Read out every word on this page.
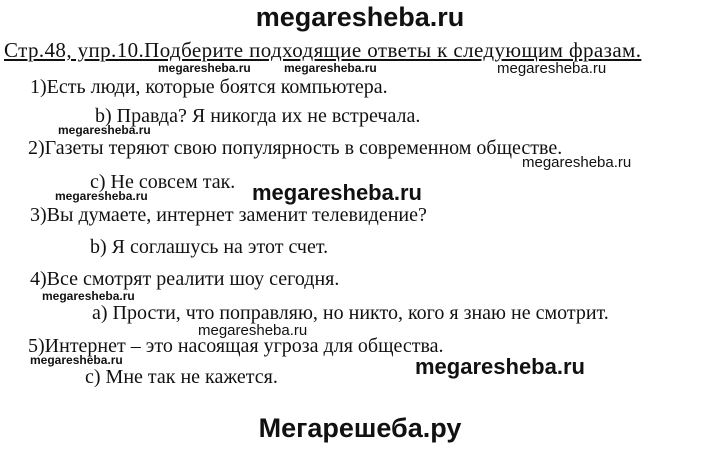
megaresheba.ru
Стр.48, упр.10.Подберите подходящие ответы к следующим фразам.
megaresheba.ru	megaresheba.ru	megaresheba.ru
1)Есть люди, которые боятся компьютера.
b) Правда? Я никогда их не встречала.
megaresheba.ru
2)Газеты теряют свою популярность в современном обществе.
megaresheba.ru
c) Не совсем так. megaresheba.ru
megaresheba.ru
3)Вы думаете, интернет заменит телевидение?
b) Я соглашусь на этот счет.
4)Все смотрят реалити шоу сегодня.
megaresheba.ru
а) Прости, что поправляю, но никто, кого я знаю не смотрит.
megaresheba.ru
5)Интернет – это насоящая угроза для общества.
megaresheba.ru	megaresheba.ru
с) Мне так не кажется.
Мегарешеба.ру
